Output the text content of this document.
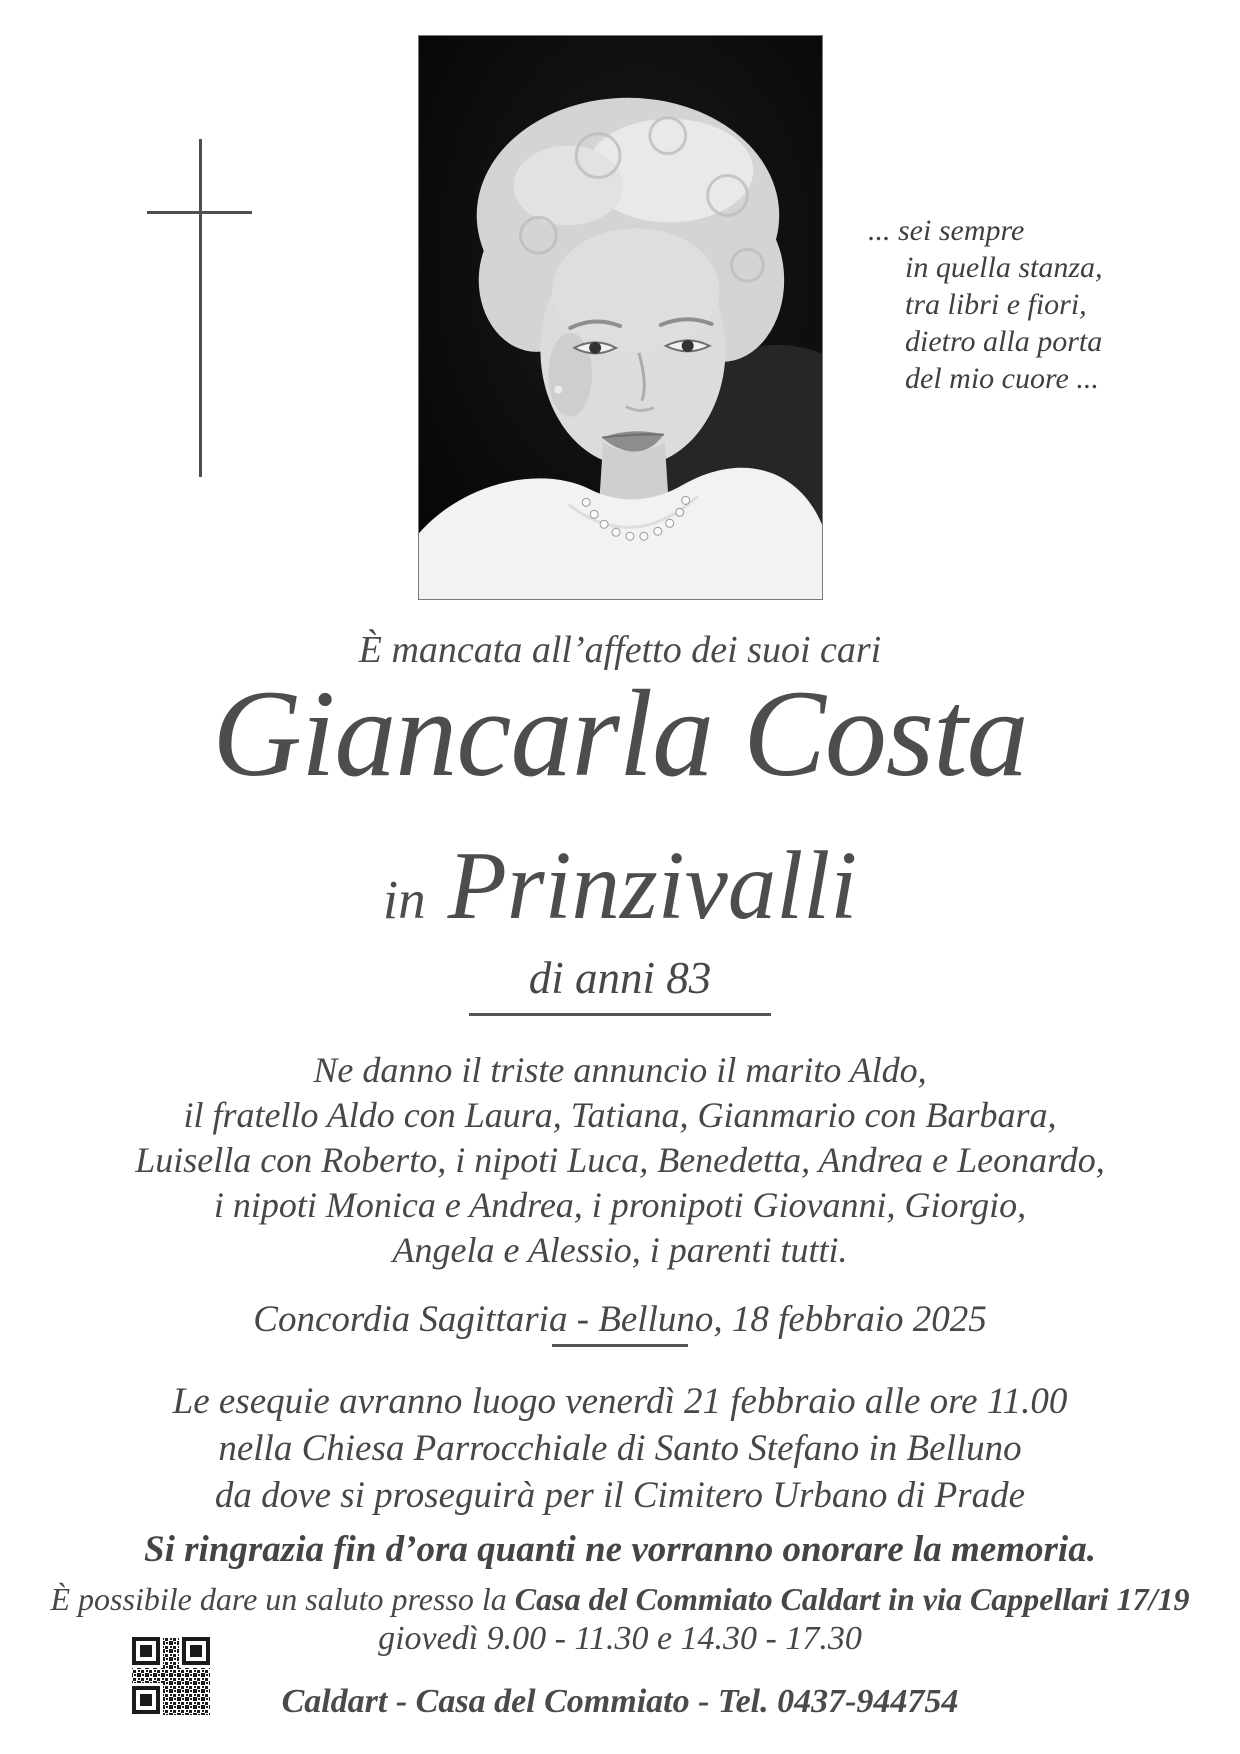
... sei sempre
in quella stanza,
tra libri e fiori,
dietro alla porta
del mio cuore ...
È mancata all’affetto dei suoi cari
Giancarla Costa
in Prinzivalli
di anni 83
Ne danno il triste annuncio il marito Aldo,
il fratello Aldo con Laura, Tatiana, Gianmario con Barbara,
Luisella con Roberto, i nipoti Luca, Benedetta, Andrea e Leonardo,
i nipoti Monica e Andrea, i pronipoti Giovanni, Giorgio,
Angela e Alessio, i parenti tutti.
Concordia Sagittaria - Belluno, 18 febbraio 2025
Le esequie avranno luogo venerdì 21 febbraio alle ore 11.00
nella Chiesa Parrocchiale di Santo Stefano in Belluno
da dove si proseguirà per il Cimitero Urbano di Prade
Si ringrazia fin d’ora quanti ne vorranno onorare la memoria.
È possibile dare un saluto presso la Casa del Commiato Caldart in via Cappellari 17/19
giovedì 9.00 - 11.30 e 14.30 - 17.30
Caldart - Casa del Commiato - Tel. 0437-944754
